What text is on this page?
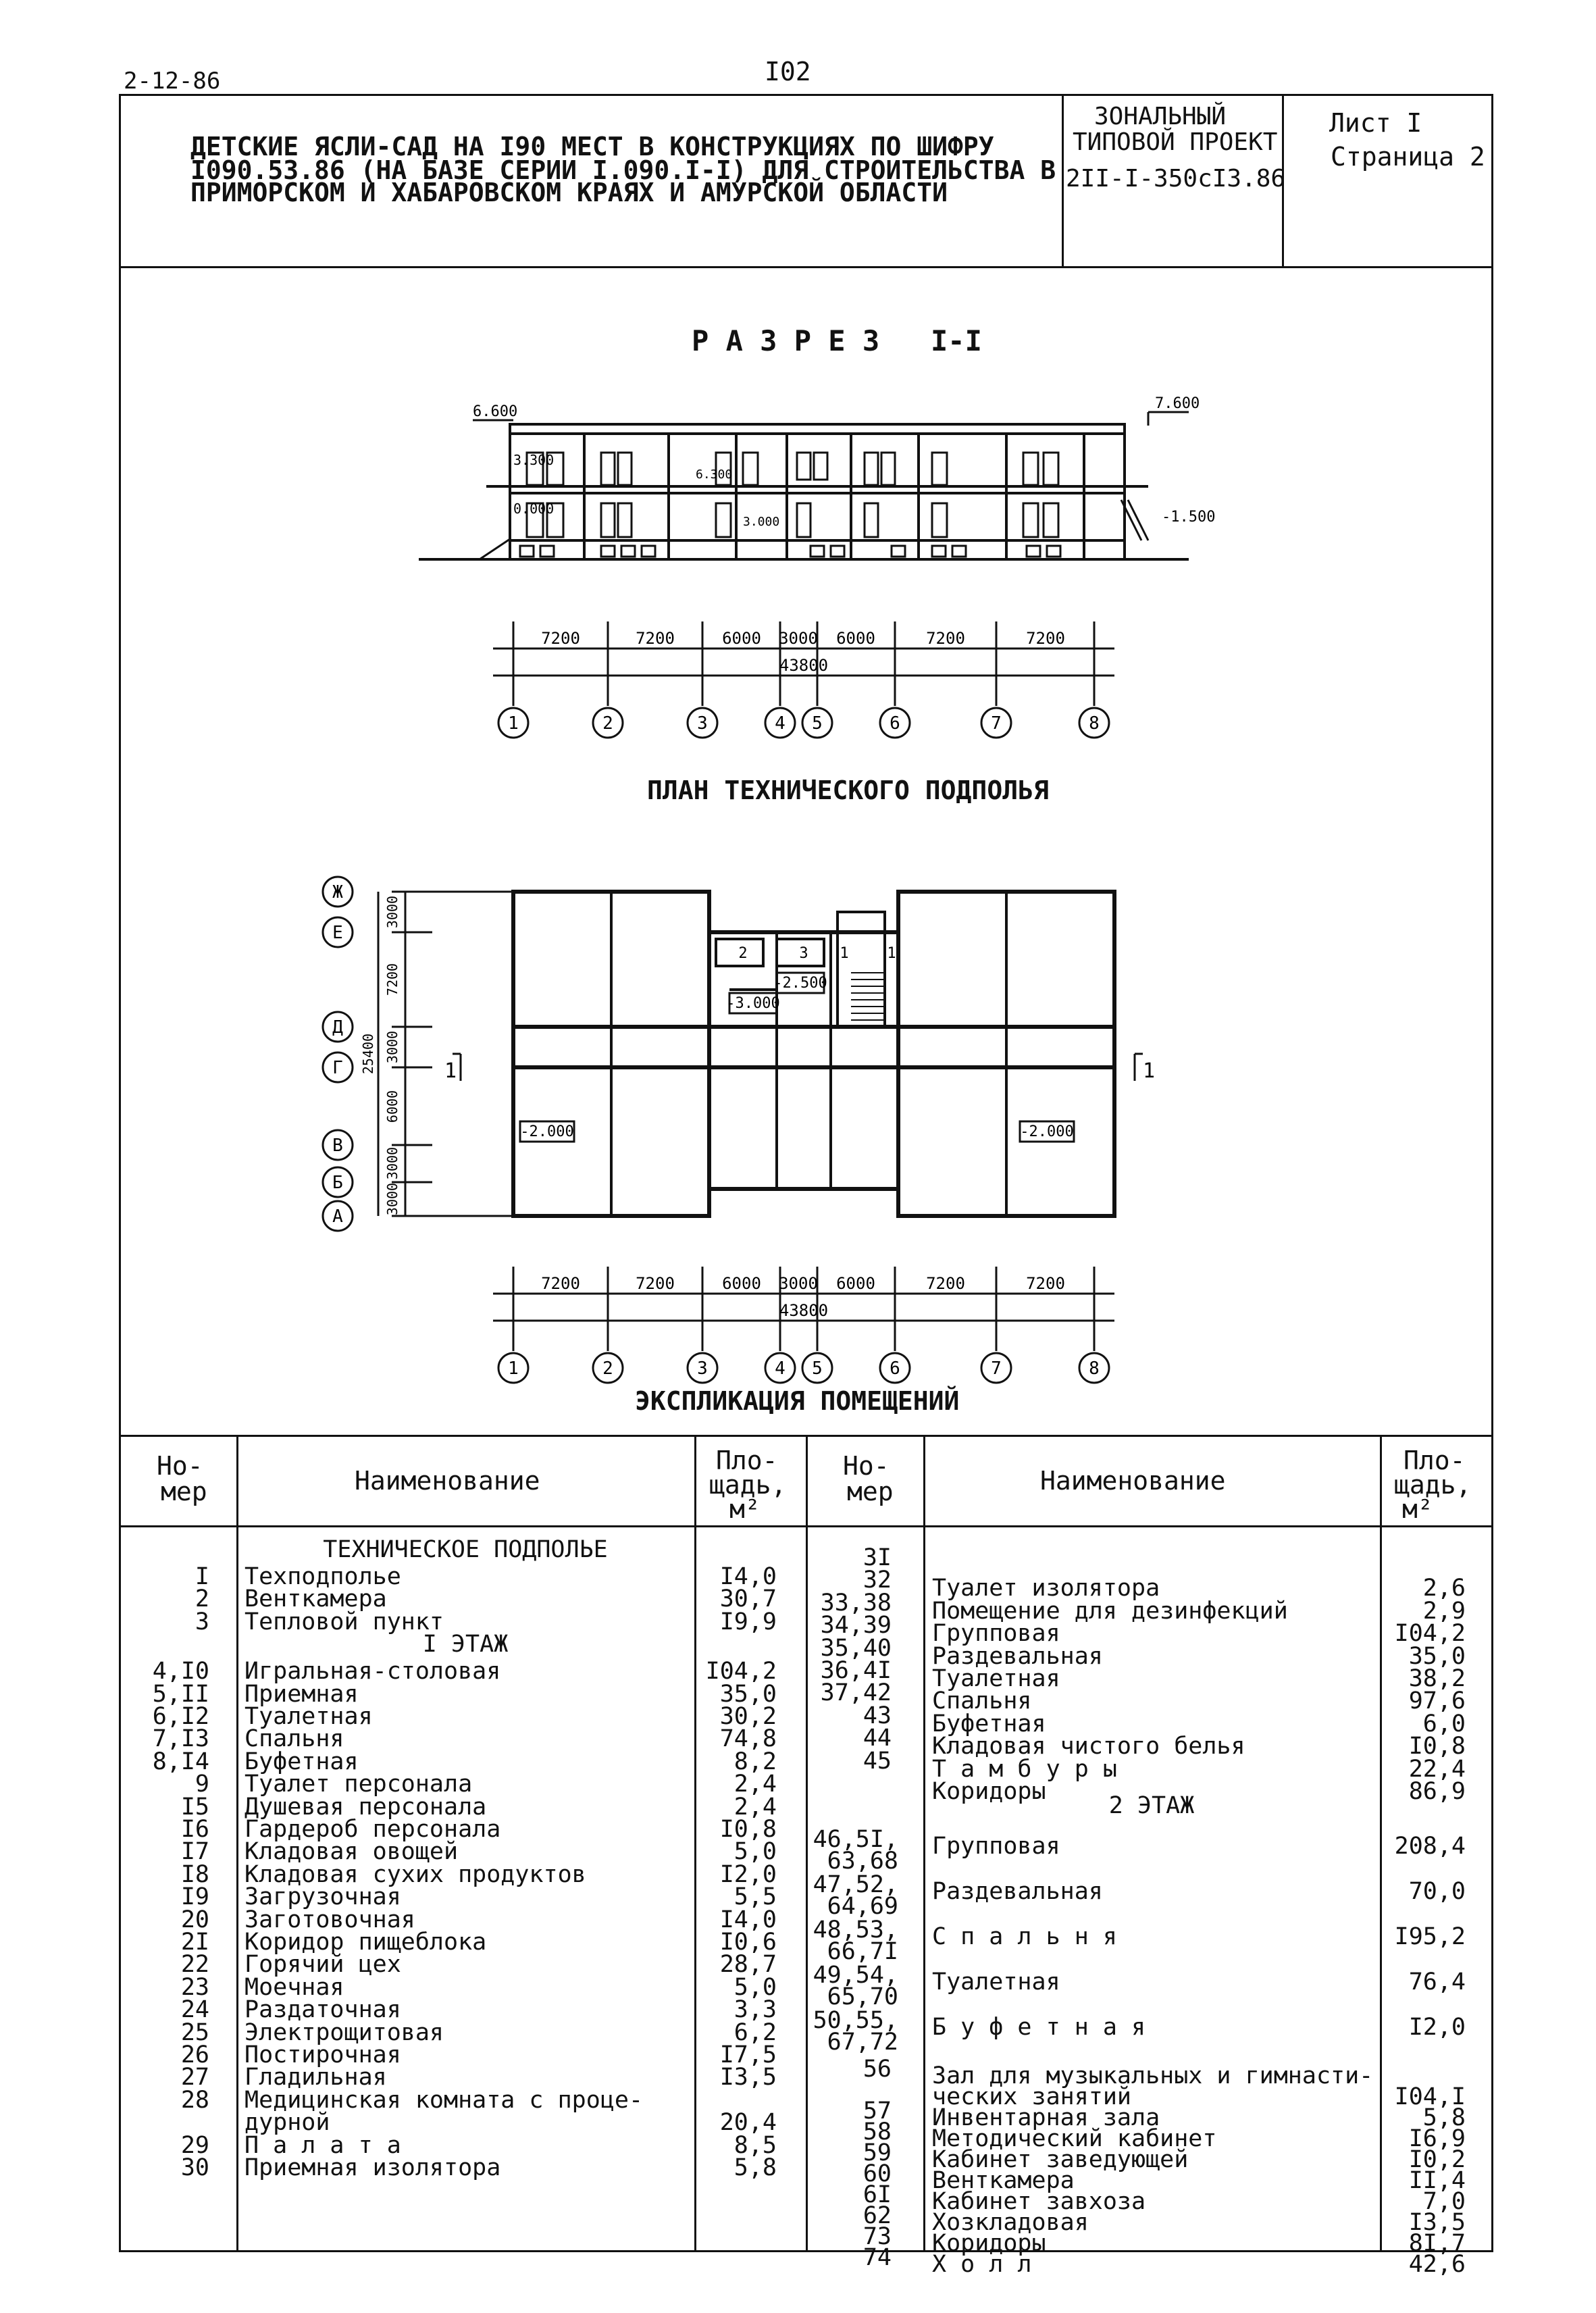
2-12-86	I02
ДЕТСКИЕ ЯСЛИ-САД НА I90 МЕСТ В КОНСТРУКЦИЯХ ПО ШИФРУ
I090.53.86 (НА БАЗЕ СЕРИИ I.090.I-I) ДЛЯ СТРОИТЕЛЬСТВА В
ПРИМОРСКОМ И ХАБАРОВСКОМ КРАЯХ И АМУРСКОЙ ОБЛАСТИ
ЗОНАЛЬНЫЙ
ТИПОВОЙ ПРОЕКТ
2II-I-350сI3.86
Лист I
Страница 2
Р А З Р Е З   I-I
6.600	7.600
3.300
6.300
0.000
3.000	-1.500
7200	7200	6000 3000 6000	7200	7200
43800
1	2	3	4 5	6	7	8
ПЛАН ТЕХНИЧЕСКОГО ПОДПОЛЬЯ
Ж
Е
Д
Г
В
Б
А
3000
7200
3000
6000
3000
3000
25400
-2.000	-2.000
-3.000
-2.500
2	3 1	1
1	1
7200	7200	6000 3000 6000	7200	7200
43800
1	2	3	4 5	6	7	8
ЭКСПЛИКАЦИЯ ПОМЕЩЕНИЙ
Но-
мер	Наименование
Пло-
щадь,
м²
Но-
мер	Наименование
Пло-
щадь,
м²
ТЕХНИЧЕСКОЕ ПОДПОЛЬЕ
I Техподполье	I4,0
2 Венткамера	30,7
3 Тепловой пункт	I9,9
I ЭТАЖ
4,I0 Игральная-столовая	I04,2
5,II Приемная	35,0
6,I2 Туалетная	30,2
7,I3 Спальня	74,8
8,I4 Буфетная	8,2
9 Туалет персонала	2,4
I5 Душевая персонала	2,4
I6 Гардероб персонала	I0,8
I7 Кладовая овощей	5,0
I8 Кладовая сухих продуктов	I2,0
I9 Загрузочная	5,5
20 Заготовочная	I4,0
2I Коридор пищеблока	I0,6
22 Горячий цех	28,7
23 Моечная	5,0
24 Раздаточная	3,3
25 Электрощитовая	6,2
26 Постирочная	I7,5
27 Гладильная	I3,5
28 Медицинская комната с проце-
дурной	20,4
29 П а л а т а	8,5
30 Приемная изолятора	5,8
3I
32 Туалет изолятора	2,6
33,38 Помещение для дезинфекций	2,9
34,39 Групповая	I04,2
35,40 Раздевальная	35,0
36,4I Туалетная	38,2
37,42 Спальня	97,6
43 Буфетная	6,0
44 Кладовая чистого белья	I0,8
45 Т а м б у р ы	22,4
Коридоры	86,9
2 ЭТАЖ
46,5I,
63,68
Групповая	208,4
47,52,
64,69
Раздевальная	70,0
48,53,
66,7I
С п а л ь н я	I95,2
49,54,
65,70
Туалетная	76,4
50,55,
67,72
Б у ф е т н а я	I2,0
56 Зал для музыкальных и гимнасти-
ческих занятий	I04,I
57 Инвентарная зала	5,8
58 Методический кабинет	I6,9
59 Кабинет заведующей	I0,2
60 Венткамера	II,4
6I Кабинет завхоза	7,0
62 Хозкладовая	I3,5
73 Коридоры	8I,7
74 Х о л л	42,6
